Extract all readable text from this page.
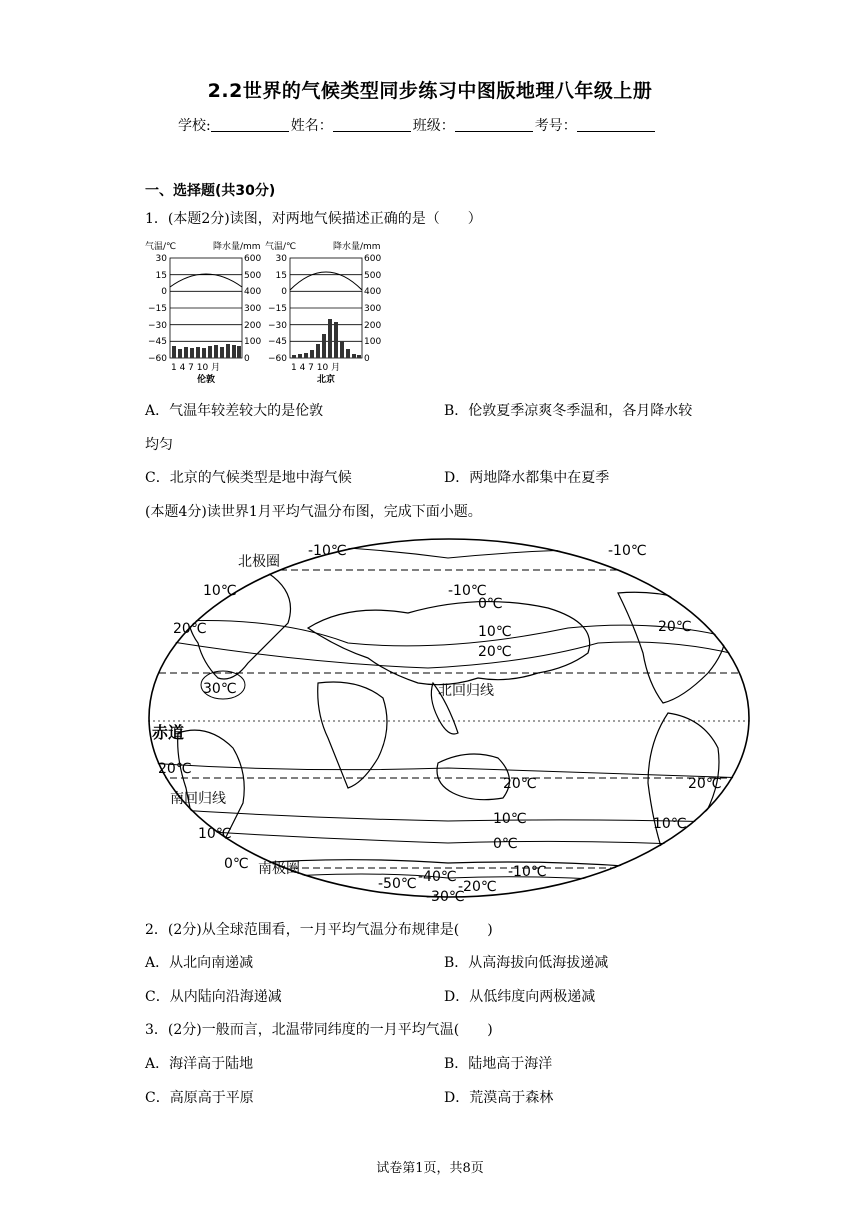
2.2世界的气候类型同步练习中图版地理八年级上册
学校:	姓名：	班级：	考号：
一、选择题(共30分)
1．(本题2分)读图，对两地气候描述正确的是（　　）
气温/℃	降水量/mm
30
15
0
−15
−30
−45
−60
600
500
400
300
200
100
0
1 4 7 10 月
伦敦
气温/℃	降水量/mm
30
15
0
−15
−30
−45
−60
600
500
400
300
200
100
0
1 4 7 10 月
北京
A．气温年较差较大的是伦敦	B．伦敦夏季凉爽冬季温和，各月降水较
均匀
C．北京的气候类型是地中海气候	D．两地降水都集中在夏季
(本题4分)读世界1月平均气温分布图，完成下面小题。
北极圈
北回归线
赤道
南回归线
南极圈
-10℃	-10℃
-10℃
0℃
10℃
20℃	20℃
10℃
20℃
30℃
20℃
20℃	20℃
10℃
10℃
10℃
0℃
0℃	-10℃
-50℃ -40℃
-20℃
-30℃
2．(2分)从全球范围看，一月平均气温分布规律是(　　)
A．从北向南递减	B．从高海拔向低海拔递减
C．从内陆向沿海递减	D．从低纬度向两极递减
3．(2分)一般而言，北温带同纬度的一月平均气温(　　)
A．海洋高于陆地	B．陆地高于海洋
C．高原高于平原	D．荒漠高于森林
试卷第1页，共8页
